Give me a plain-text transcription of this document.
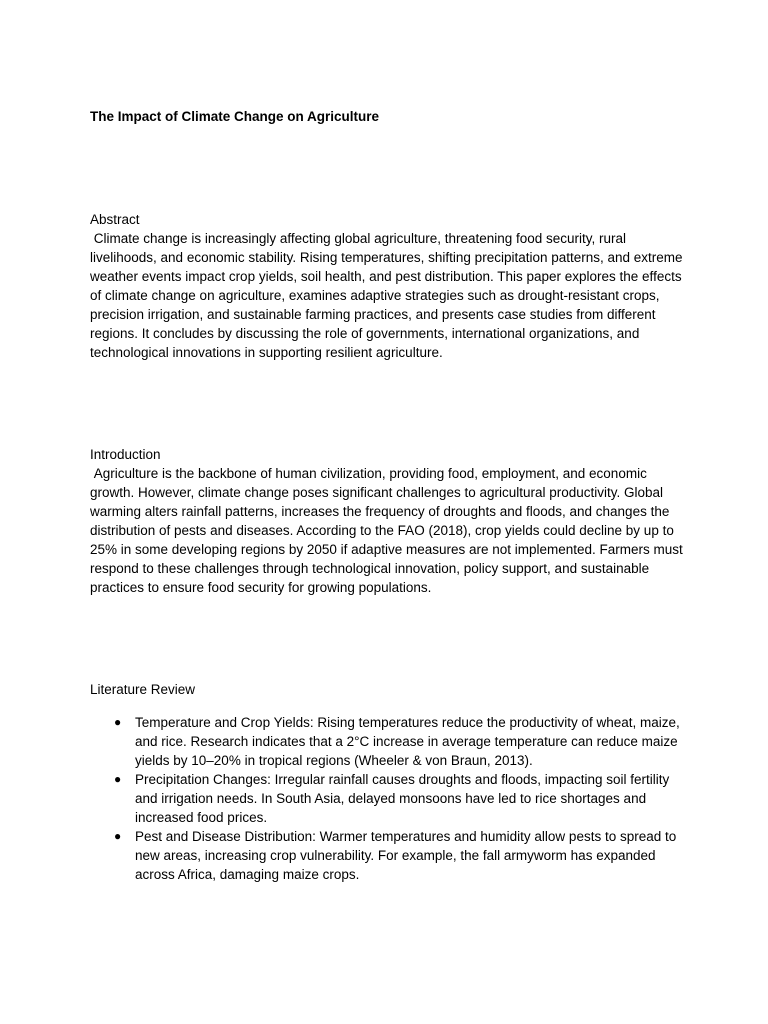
The Impact of Climate Change on Agriculture

Abstract

Climate change is increasingly affecting global agriculture, threatening food security, rural livelihoods, and economic stability. Rising temperatures, shifting precipitation patterns, and extreme weather events impact crop yields, soil health, and pest distribution. This paper explores the effects of climate change on agriculture, examines adaptive strategies such as drought-resistant crops, precision irrigation, and sustainable farming practices, and presents case studies from different regions. It concludes by discussing the role of governments, international organizations, and technological innovations in supporting resilient agriculture.

Introduction

Agriculture is the backbone of human civilization, providing food, employment, and economic growth. However, climate change poses significant challenges to agricultural productivity. Global warming alters rainfall patterns, increases the frequency of droughts and floods, and changes the distribution of pests and diseases. According to the FAO (2018), crop yields could decline by up to 25% in some developing regions by 2050 if adaptive measures are not implemented. Farmers must respond to these challenges through technological innovation, policy support, and sustainable practices to ensure food security for growing populations.

Literature Review

● Temperature and Crop Yields: Rising temperatures reduce the productivity of wheat, maize, and rice. Research indicates that a 2°C increase in average temperature can reduce maize yields by 10–20% in tropical regions (Wheeler & von Braun, 2013).
● Precipitation Changes: Irregular rainfall causes droughts and floods, impacting soil fertility and irrigation needs. In South Asia, delayed monsoons have led to rice shortages and increased food prices.
● Pest and Disease Distribution: Warmer temperatures and humidity allow pests to spread to new areas, increasing crop vulnerability. For example, the fall armyworm has expanded across Africa, damaging maize crops.
